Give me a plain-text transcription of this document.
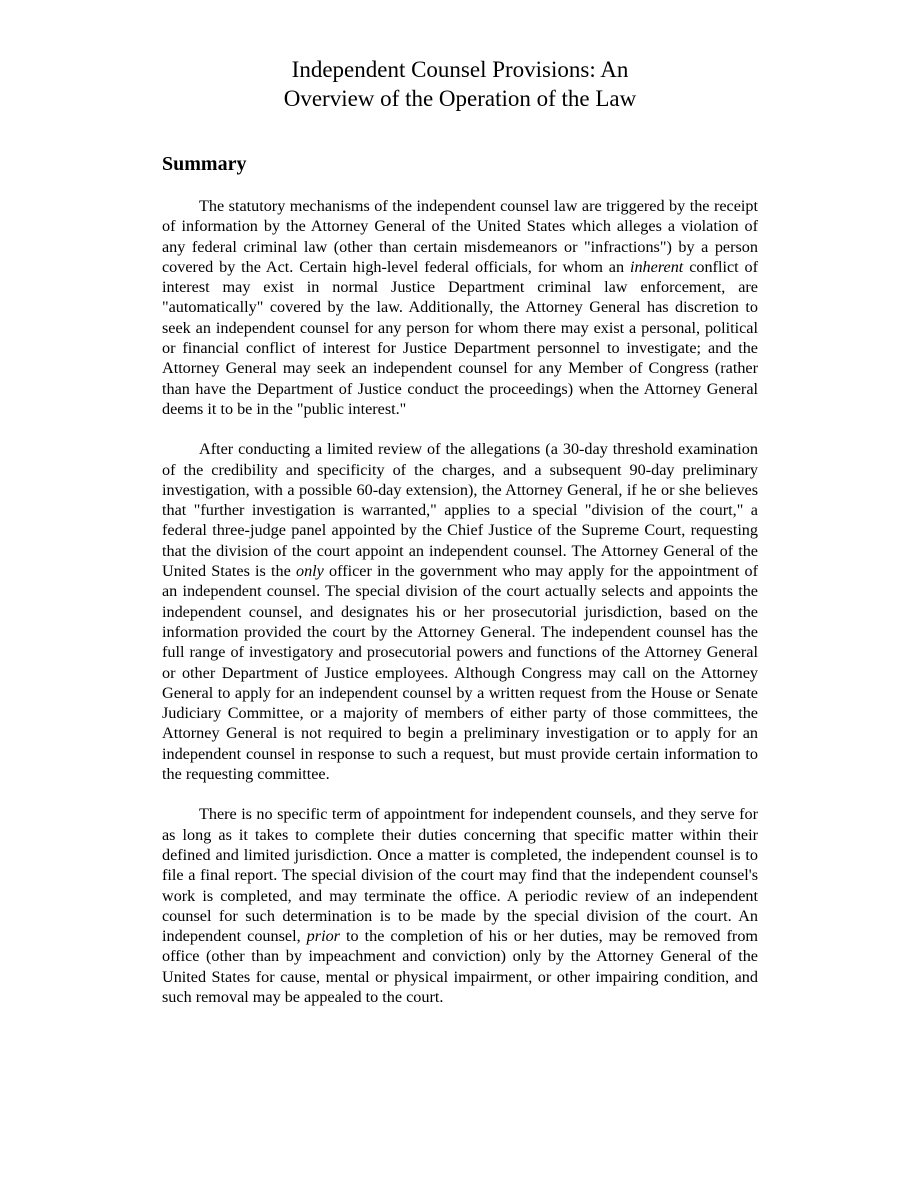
Independent Counsel Provisions: An
Overview of the Operation of the Law
Summary

The statutory mechanisms of the independent counsel law are triggered by the receipt of information by the Attorney General of the United States which alleges a violation of any federal criminal law (other than certain misdemeanors or "infractions") by a person covered by the Act. Certain high-level federal officials, for whom an inherent conflict of interest may exist in normal Justice Department criminal law enforcement, are "automatically" covered by the law. Additionally, the Attorney General has discretion to seek an independent counsel for any person for whom there may exist a personal, political or financial conflict of interest for Justice Department personnel to investigate; and the Attorney General may seek an independent counsel for any Member of Congress (rather than have the Department of Justice conduct the proceedings) when the Attorney General deems it to be in the "public interest."

After conducting a limited review of the allegations (a 30-day threshold examination of the credibility and specificity of the charges, and a subsequent 90-day preliminary investigation, with a possible 60-day extension), the Attorney General, if he or she believes that "further investigation is warranted," applies to a special "division of the court," a federal three-judge panel appointed by the Chief Justice of the Supreme Court, requesting that the division of the court appoint an independent counsel. The Attorney General of the United States is the only officer in the government who may apply for the appointment of an independent counsel. The special division of the court actually selects and appoints the independent counsel, and designates his or her prosecutorial jurisdiction, based on the information provided the court by the Attorney General. The independent counsel has the full range of investigatory and prosecutorial powers and functions of the Attorney General or other Department of Justice employees. Although Congress may call on the Attorney General to apply for an independent counsel by a written request from the House or Senate Judiciary Committee, or a majority of members of either party of those committees, the Attorney General is not required to begin a preliminary investigation or to apply for an independent counsel in response to such a request, but must provide certain information to the requesting committee.

There is no specific term of appointment for independent counsels, and they serve for as long as it takes to complete their duties concerning that specific matter within their defined and limited jurisdiction. Once a matter is completed, the independent counsel is to file a final report. The special division of the court may find that the independent counsel's work is completed, and may terminate the office. A periodic review of an independent counsel for such determination is to be made by the special division of the court. An independent counsel, prior to the completion of his or her duties, may be removed from office (other than by impeachment and conviction) only by the Attorney General of the United States for cause, mental or physical impairment, or other impairing condition, and such removal may be appealed to the court.
